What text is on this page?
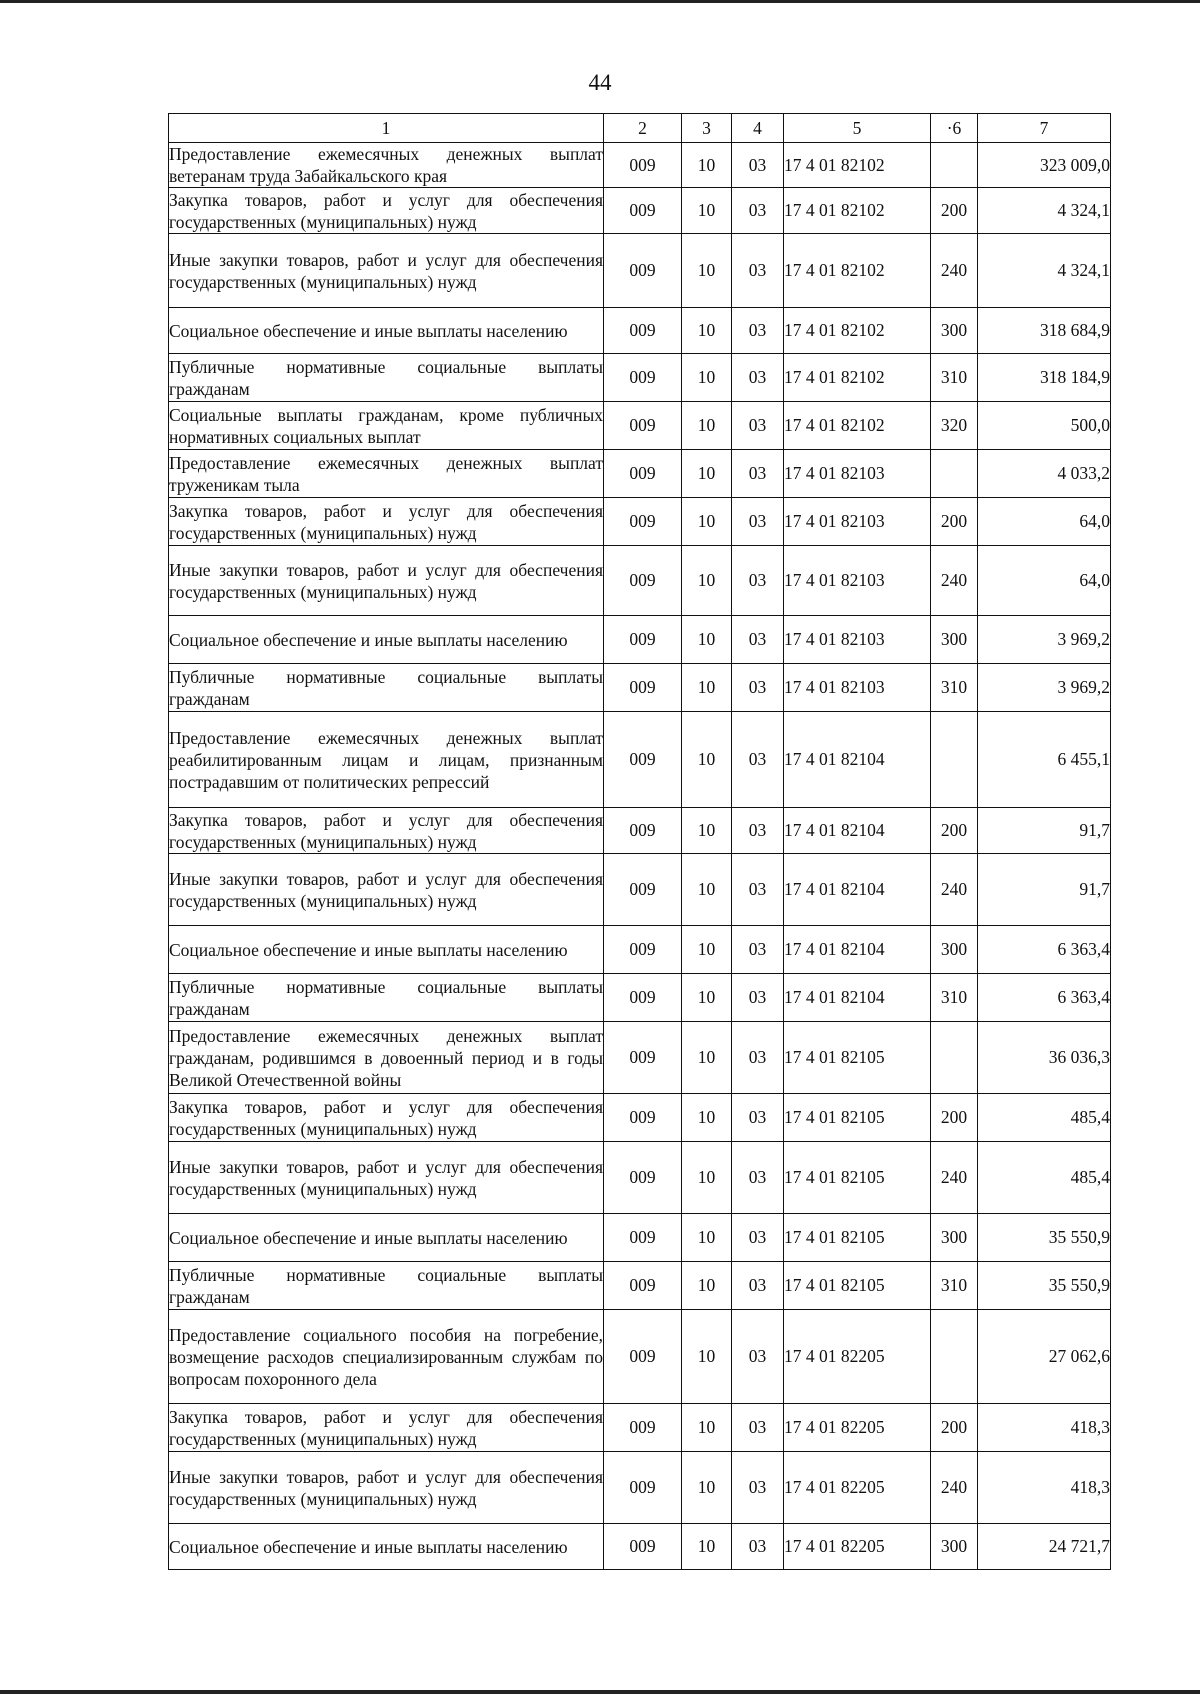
44
1	2	3	4	5	·6	7
Предоставление ежемесячных денежных выплат ветеранам труда Забайкальского края	009	10	03	17 4 01 82102		323 009,0
Закупка товаров, работ и услуг для обеспечения государственных (муниципальных) нужд	009	10	03	17 4 01 82102	200	4 324,1
Иные закупки товаров, работ и услуг для обеспечения государственных (муниципальных) нужд	009	10	03	17 4 01 82102	240	4 324,1
Социальное обеспечение и иные выплаты населению	009	10	03	17 4 01 82102	300	318 684,9
Публичные нормативные социальные выплаты гражданам	009	10	03	17 4 01 82102	310	318 184,9
Социальные выплаты гражданам, кроме публичных нормативных социальных выплат	009	10	03	17 4 01 82102	320	500,0
Предоставление ежемесячных денежных выплат труженикам тыла	009	10	03	17 4 01 82103		4 033,2
Закупка товаров, работ и услуг для обеспечения государственных (муниципальных) нужд	009	10	03	17 4 01 82103	200	64,0
Иные закупки товаров, работ и услуг для обеспечения государственных (муниципальных) нужд	009	10	03	17 4 01 82103	240	64,0
Социальное обеспечение и иные выплаты населению	009	10	03	17 4 01 82103	300	3 969,2
Публичные нормативные социальные выплаты гражданам	009	10	03	17 4 01 82103	310	3 969,2
Предоставление ежемесячных денежных выплат реабилитированным лицам и лицам, признанным пострадавшим от политических репрессий	009	10	03	17 4 01 82104		6 455,1
Закупка товаров, работ и услуг для обеспечения государственных (муниципальных) нужд	009	10	03	17 4 01 82104	200	91,7
Иные закупки товаров, работ и услуг для обеспечения государственных (муниципальных) нужд	009	10	03	17 4 01 82104	240	91,7
Социальное обеспечение и иные выплаты населению	009	10	03	17 4 01 82104	300	6 363,4
Публичные нормативные социальные выплаты гражданам	009	10	03	17 4 01 82104	310	6 363,4
Предоставление ежемесячных денежных выплат гражданам, родившимся в довоенный период и в годы Великой Отечественной войны	009	10	03	17 4 01 82105		36 036,3
Закупка товаров, работ и услуг для обеспечения государственных (муниципальных) нужд	009	10	03	17 4 01 82105	200	485,4
Иные закупки товаров, работ и услуг для обеспечения государственных (муниципальных) нужд	009	10	03	17 4 01 82105	240	485,4
Социальное обеспечение и иные выплаты населению	009	10	03	17 4 01 82105	300	35 550,9
Публичные нормативные социальные выплаты гражданам	009	10	03	17 4 01 82105	310	35 550,9
Предоставление социального пособия на погребение, возмещение расходов специализированным службам по вопросам похоронного дела	009	10	03	17 4 01 82205		27 062,6
Закупка товаров, работ и услуг для обеспечения государственных (муниципальных) нужд	009	10	03	17 4 01 82205	200	418,3
Иные закупки товаров, работ и услуг для обеспечения государственных (муниципальных) нужд	009	10	03	17 4 01 82205	240	418,3
Социальное обеспечение и иные выплаты населению	009	10	03	17 4 01 82205	300	24 721,7
